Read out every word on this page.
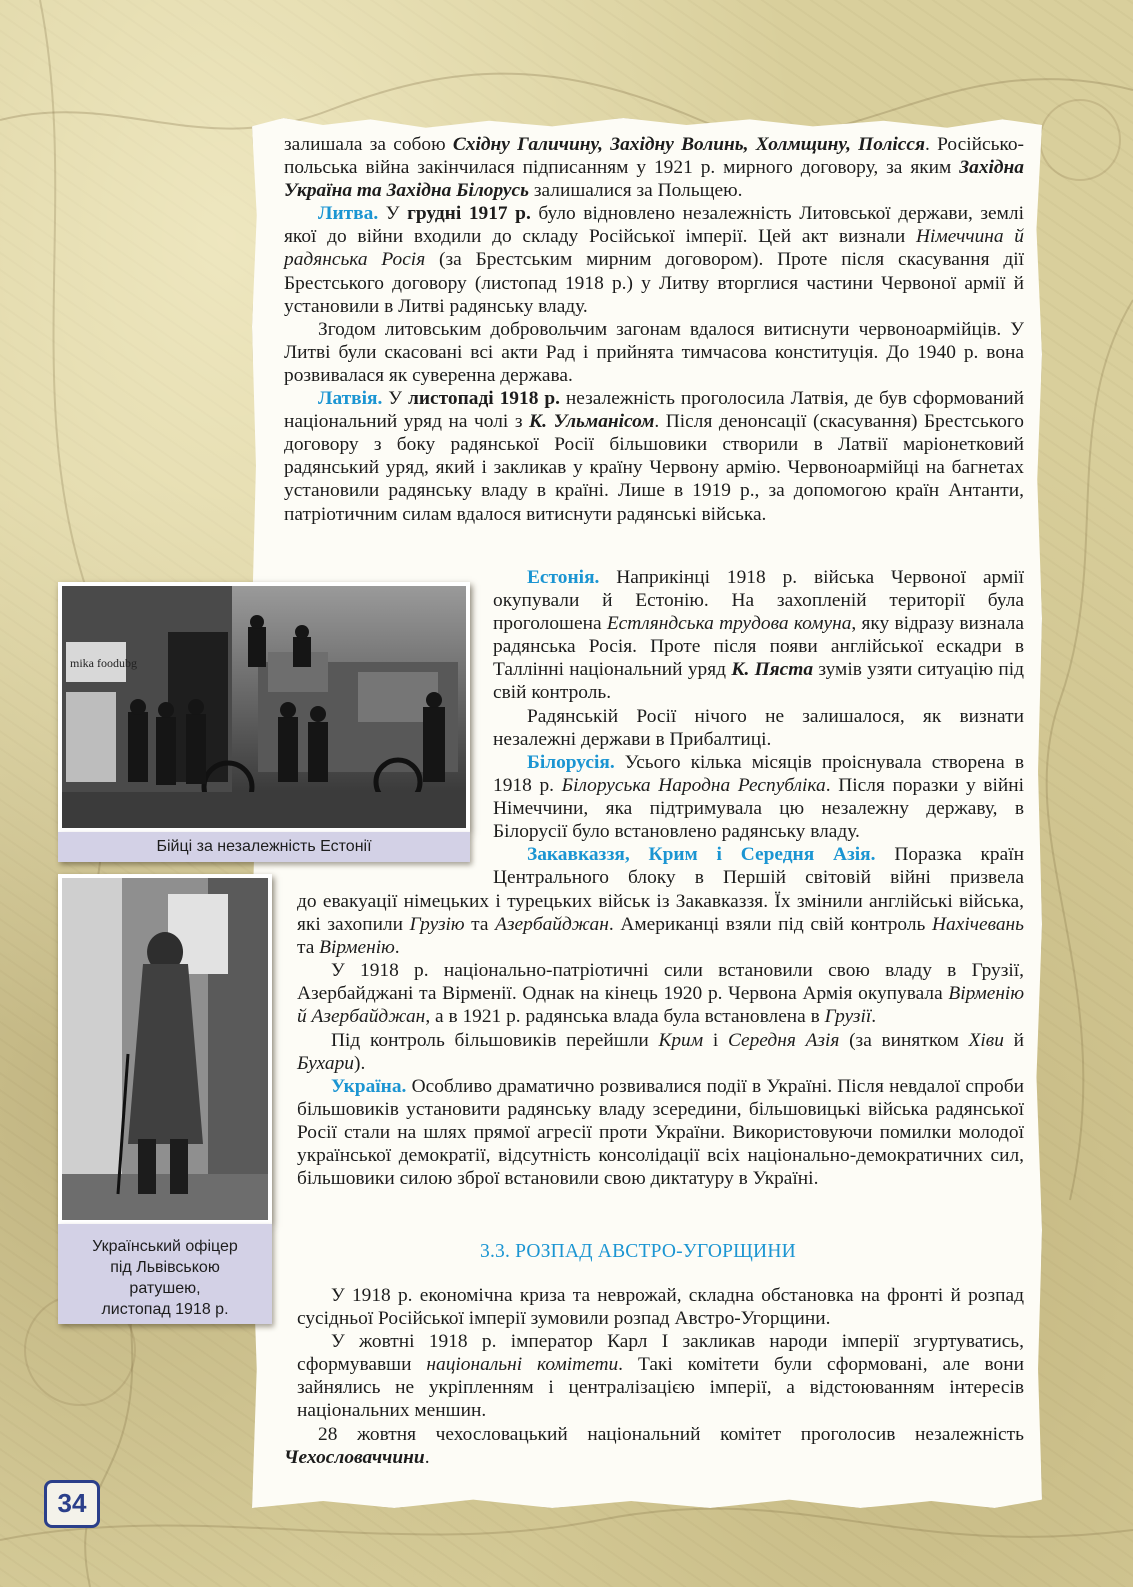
залишала за собою Східну Галичину, Західну Волинь, Холмщину, Полісся. Російсько-польська війна закінчилася підписанням у 1921 р. мирного договору, за яким Західна Україна та Західна Білорусь залишалися за Польщею.

Литва. У грудні 1917 р. було відновлено незалежність Литовської держави, землі якої до війни входили до складу Російської імперії. Цей акт визнали Німеччина й радянська Росія (за Брестським мирним договором). Проте після скасування дії Брестського договору (листопад 1918 р.) у Литву вторглися частини Червоної армії й установили в Литві радянську владу.

Згодом литовським добровольчим загонам вдалося витиснути червоноармійців. У Литві були скасовані всі акти Рад і прийнята тимчасова конституція. До 1940 р. вона розвивалася як суверенна держава.

Латвія. У листопаді 1918 р. незалежність проголосила Латвія, де був сформований національний уряд на чолі з К. Ульманісом. Після денонсації (скасування) Брестського договору з боку радянської Росії більшовики створили в Латвії маріонетковий радянський уряд, який і закликав у країну Червону армію. Червоноармійці на багнетах установили радянську владу в країні. Лише в 1919 р., за допомогою країн Антанти, патріотичним силам вдалося витиснути радянські війська.

Естонія. Наприкінці 1918 р. війська Червоної армії окупували й Естонію. На захопленій території була проголошена Естляндська трудова комуна, яку відразу визнала радянська Росія. Проте після появи англійської ескадри в Таллінні національний уряд К. Пяста зумів узяти ситуацію під свій контроль.

Радянській Росії нічого не залишалося, як визнати незалежні держави в Прибалтиці.

Білорусія. Усього кілька місяців проіснувала створена в 1918 р. Білоруська Народна Республіка. Після поразки у війні Німеччини, яка підтримувала цю незалежну державу, в Білорусії було встановлено радянську владу.

Закавказзя, Крим і Середня Азія. Поразка країн Центрального блоку в Першій світовій війні призвела

до евакуації німецьких і турецьких військ із Закавказзя. Їх змінили англійські війська, які захопили Грузію та Азербайджан. Американці взяли під свій контроль Нахічевань та Вірменію.

У 1918 р. національно-патріотичні сили встановили свою владу в Грузії, Азербайджані та Вірменії. Однак на кінець 1920 р. Червона Армія окупувала Вірменію й Азербайджан, а в 1921 р. радянська влада була встановлена в Грузії.

Під контроль більшовиків перейшли Крим і Середня Азія (за винятком Хіви й Бухари).

Україна. Особливо драматично розвивалися події в Україні. Після невдалої спроби більшовиків установити радянську владу зсередини, більшовицькі війська радянської Росії стали на шлях прямої агресії проти України. Використовуючи помилки молодої української демократії, відсутність консолідації всіх національно-демократичних сил, більшовики силою зброї встановили свою диктатуру в Україні.

3.3. РОЗПАД АВСТРО-УГОРЩИНИ

У 1918 р. економічна криза та неврожай, складна обстановка на фронті й розпад сусідньої Російської імперії зумовили розпад Австро-Угорщини.

У жовтні 1918 р. імператор Карл І закликав народи імперії згуртуватись, сформувавши національні комітети. Такі комітети були сформовані, але вони зайнялись не укріпленням і централізацією імперії, а відстоюванням інтересів національних меншин.

28 жовтня чехословацький національний комітет проголосив незалежність Чехословаччини.

mika foodubg
Бійці за незалежність Естонії
Український офіцер
під Львівською
ратушею,
листопад 1918 р.
34
